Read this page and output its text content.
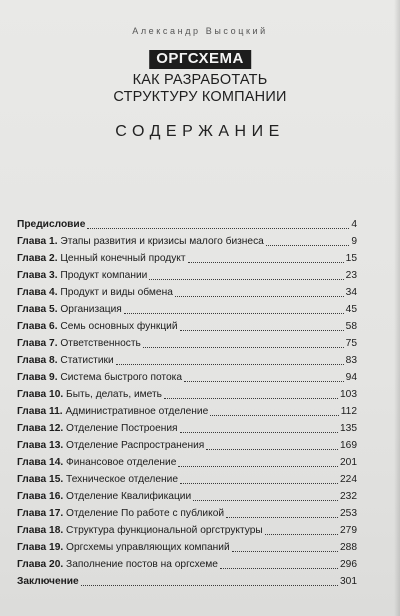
Александр Высоцкий
ОРГСХЕМА
КАК РАЗРАБОТАТЬ
СТРУКТУРУ КОМПАНИИ
СОДЕРЖАНИЕ
Предисловие	4
Глава 1. Этапы развития и кризисы малого бизнеса	9
Глава 2. Ценный конечный продукт	15
Глава 3. Продукт компании	23
Глава 4. Продукт и виды обмена	34
Глава 5. Организация	45
Глава 6. Семь основных функций	58
Глава 7. Ответственность	75
Глава 8. Статистики	83
Глава 9. Система быстрого потока	94
Глава 10. Быть, делать, иметь	103
Глава 11. Административное отделение	112
Глава 12. Отделение Построения	135
Глава 13. Отделение Распространения	169
Глава 14. Финансовое отделение	201
Глава 15. Техническое отделение	224
Глава 16. Отделение Квалификации	232
Глава 17. Отделение По работе с публикой	253
Глава 18. Структура функциональной оргструктуры	279
Глава 19. Оргсхемы управляющих компаний	288
Глава 20. Заполнение постов на оргсхеме	296
Заключение	301
